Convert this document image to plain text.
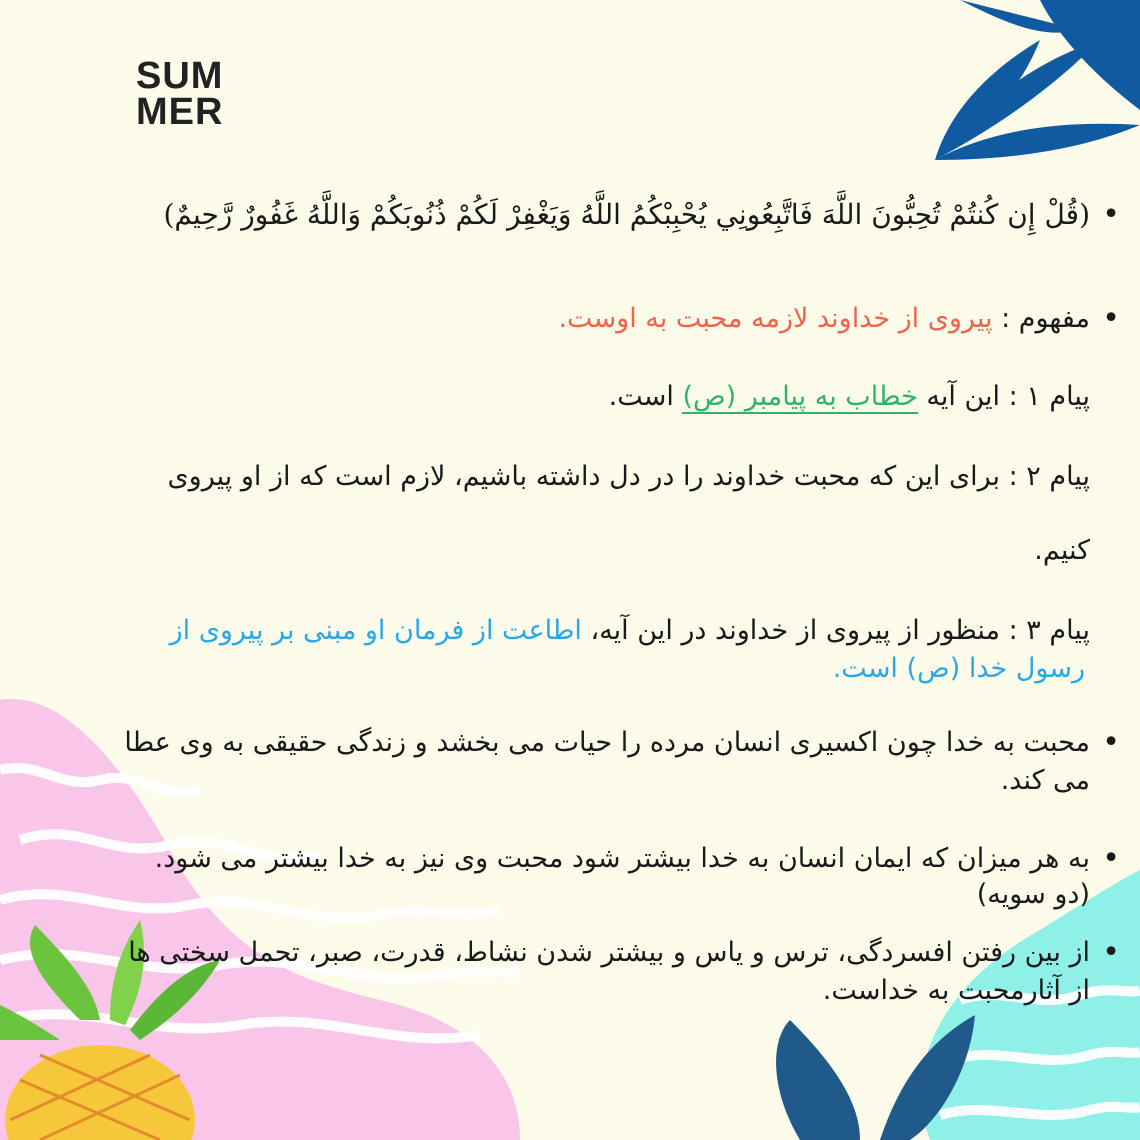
SUM
MER
(قُلْ إِن كُنتُمْ تُحِبُّونَ اللَّهَ فَاتَّبِعُونِي يُحْبِبْكُمُ اللَّهُ وَيَغْفِرْ لَكُمْ ذُنُوبَكُمْ وَاللَّهُ غَفُورٌ رَّحِيمٌ)
مفهوم : پیروی از خداوند لازمه محبت به اوست.
پیام ۱ : این آیه خطاب به پیامبر (ص) است.
پیام ۲ : برای این که محبت خداوند را در دل داشته باشیم، لازم است که از او پیروی
کنیم.
پیام ۳ : منظور از پیروی از خداوند در این آیه، اطاعت از فرمان او مبنی بر پیروی از
رسول خدا (ص) است.
محبت به خدا چون اکسیری انسان مرده را حیات می بخشد و زندگی حقیقی به وی عطا
می کند.
به هر میزان که ایمان انسان به خدا بیشتر شود محبت وی نیز به خدا بیشتر می شود.
(دو سویه)
از بین رفتن افسردگی، ترس و یاس و بیشتر شدن نشاط، قدرت، صبر، تحمل سختی ها
از آثارمحبت به خداست.
